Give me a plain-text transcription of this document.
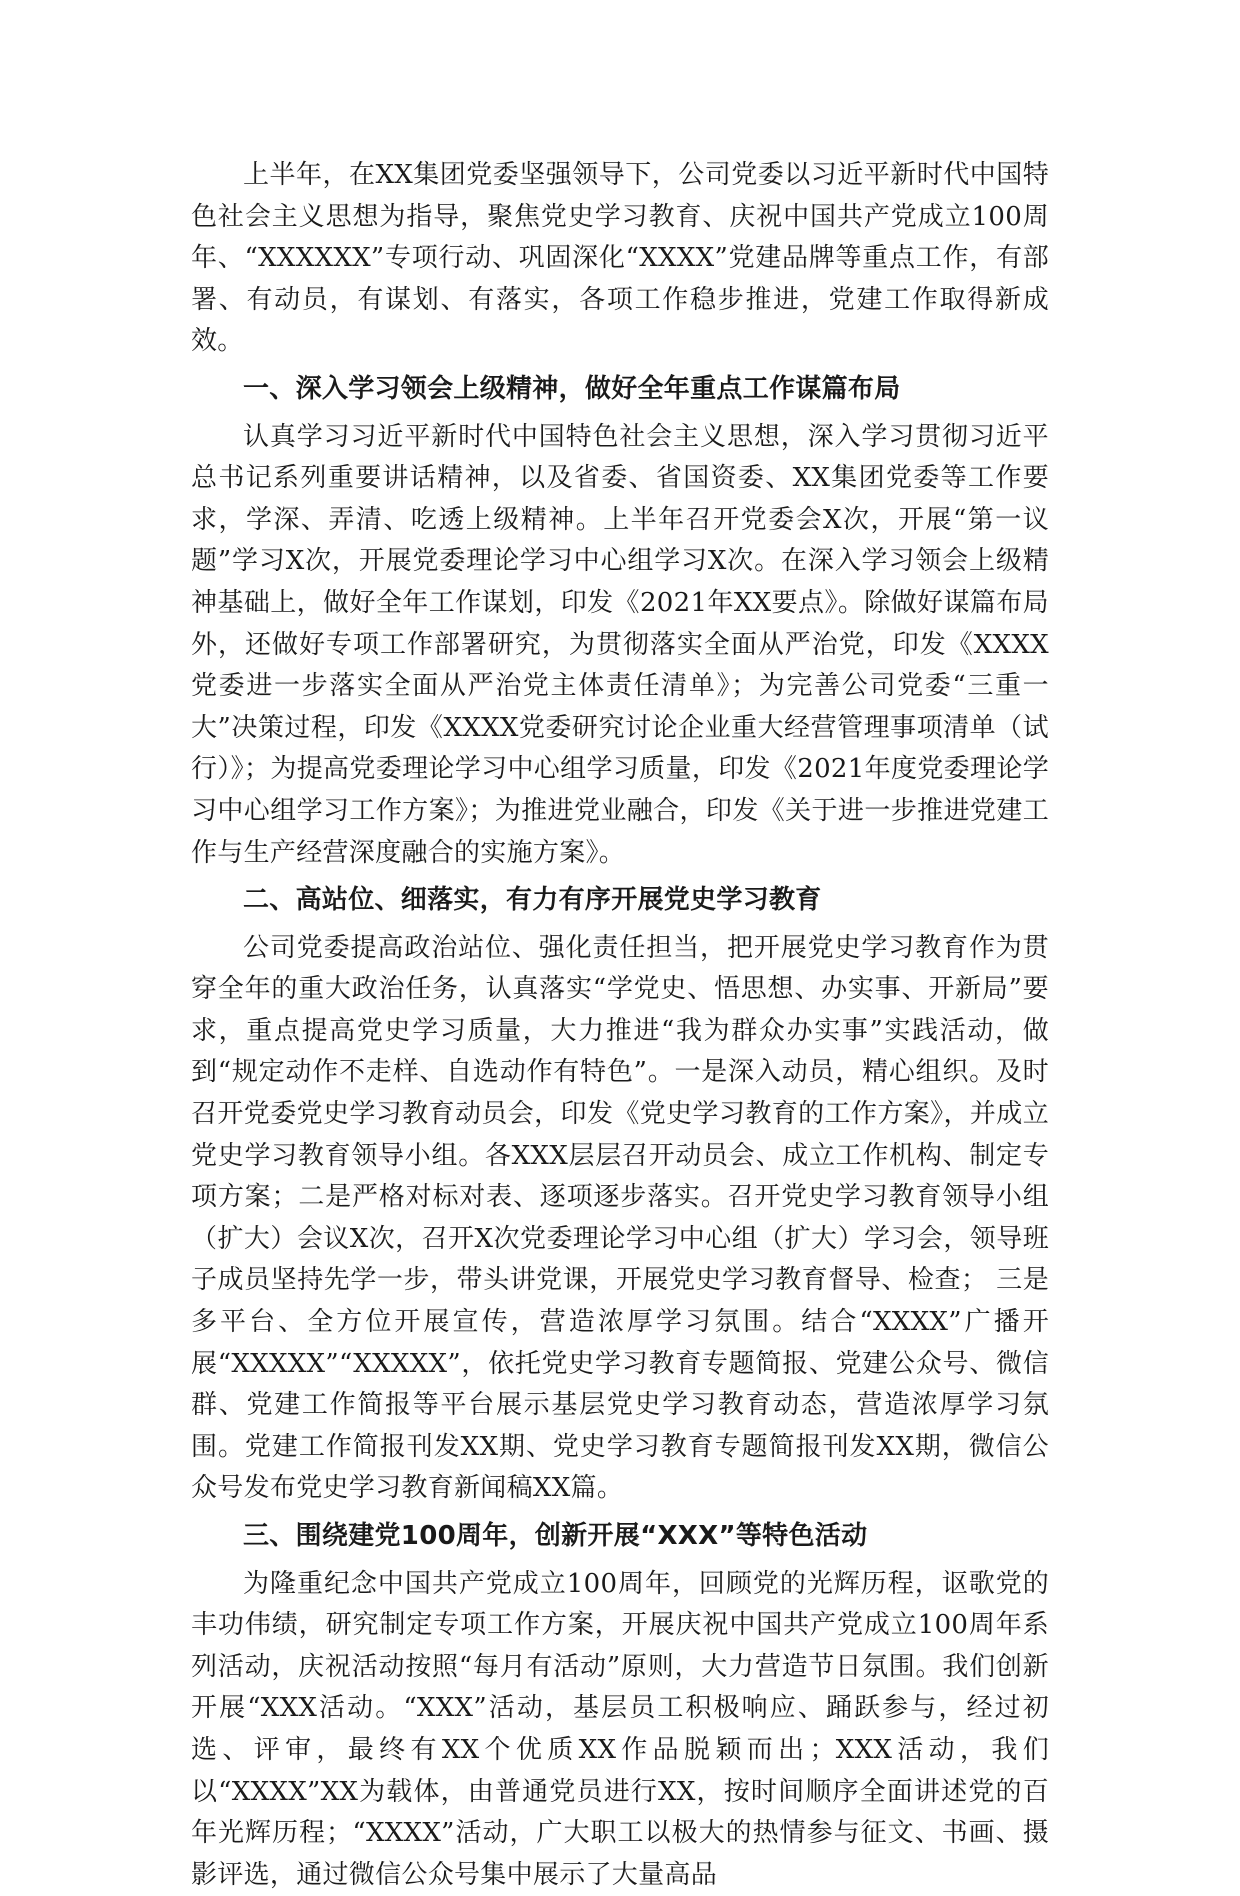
上半年，在XX集团党委坚强领导下，公司党委以习近平新时代中国特色社会主义思想为指导，聚焦党史学习教育、庆祝中国共产党成立100周年、“XXXXXX”专项行动、巩固深化“XXXX”党建品牌等重点工作，有部署、有动员，有谋划、有落实，各项工作稳步推进，党建工作取得新成效。

一、深入学习领会上级精神，做好全年重点工作谋篇布局

认真学习习近平新时代中国特色社会主义思想，深入学习贯彻习近平总书记系列重要讲话精神，以及省委、省国资委、XX集团党委等工作要求，学深、弄清、吃透上级精神。上半年召开党委会X次，开展“第一议题”学习X次，开展党委理论学习中心组学习X次。在深入学习领会上级精神基础上，做好全年工作谋划，印发《2021年XX要点》。除做好谋篇布局外，还做好专项工作部署研究，为贯彻落实全面从严治党，印发《XXXX党委进一步落实全面从严治党主体责任清单》；为完善公司党委“三重一大”决策过程，印发《XXXX党委研究讨论企业重大经营管理事项清单（试行）》；为提高党委理论学习中心组学习质量，印发《2021年度党委理论学习中心组学习工作方案》；为推进党业融合，印发《关于进一步推进党建工作与生产经营深度融合的实施方案》。

二、高站位、细落实，有力有序开展党史学习教育

公司党委提高政治站位、强化责任担当，把开展党史学习教育作为贯穿全年的重大政治任务，认真落实“学党史、悟思想、办实事、开新局”要求，重点提高党史学习质量，大力推进“我为群众办实事”实践活动，做到“规定动作不走样、自选动作有特色”。一是深入动员，精心组织。及时召开党委党史学习教育动员会，印发《党史学习教育的工作方案》，并成立党史学习教育领导小组。各XXX层层召开动员会、成立工作机构、制定专项方案；二是严格对标对表、逐项逐步落实。召开党史学习教育领导小组（扩大）会议X次，召开X次党委理论学习中心组（扩大）学习会，领导班子成员坚持先学一步，带头讲党课，开展党史学习教育督导、检查； 三是多平台、全方位开展宣传，营造浓厚学习氛围。结合“XXXX”广播开展“XXXXX”“XXXXX”，依托党史学习教育专题简报、党建公众号、微信群、党建工作简报等平台展示基层党史学习教育动态，营造浓厚学习氛围。党建工作简报刊发XX期、党史学习教育专题简报刊发XX期，微信公众号发布党史学习教育新闻稿XX篇。

三、围绕建党100周年，创新开展“XXX”等特色活动

为隆重纪念中国共产党成立100周年，回顾党的光辉历程，讴歌党的丰功伟绩，研究制定专项工作方案，开展庆祝中国共产党成立100周年系列活动，庆祝活动按照“每月有活动”原则，大力营造节日氛围。我们创新开展“XXX活动。“XXX”活动，基层员工积极响应、踊跃参与，经过初选、评审，最终有XX个优质XX作品脱颖而出；XXX活动，我们以“XXXX”XX为载体，由普通党员进行XX，按时间顺序全面讲述党的百年光辉历程；“XXXX”活动，广大职工以极大的热情参与征文、书画、摄影评选，通过微信公众号集中展示了大量高品
